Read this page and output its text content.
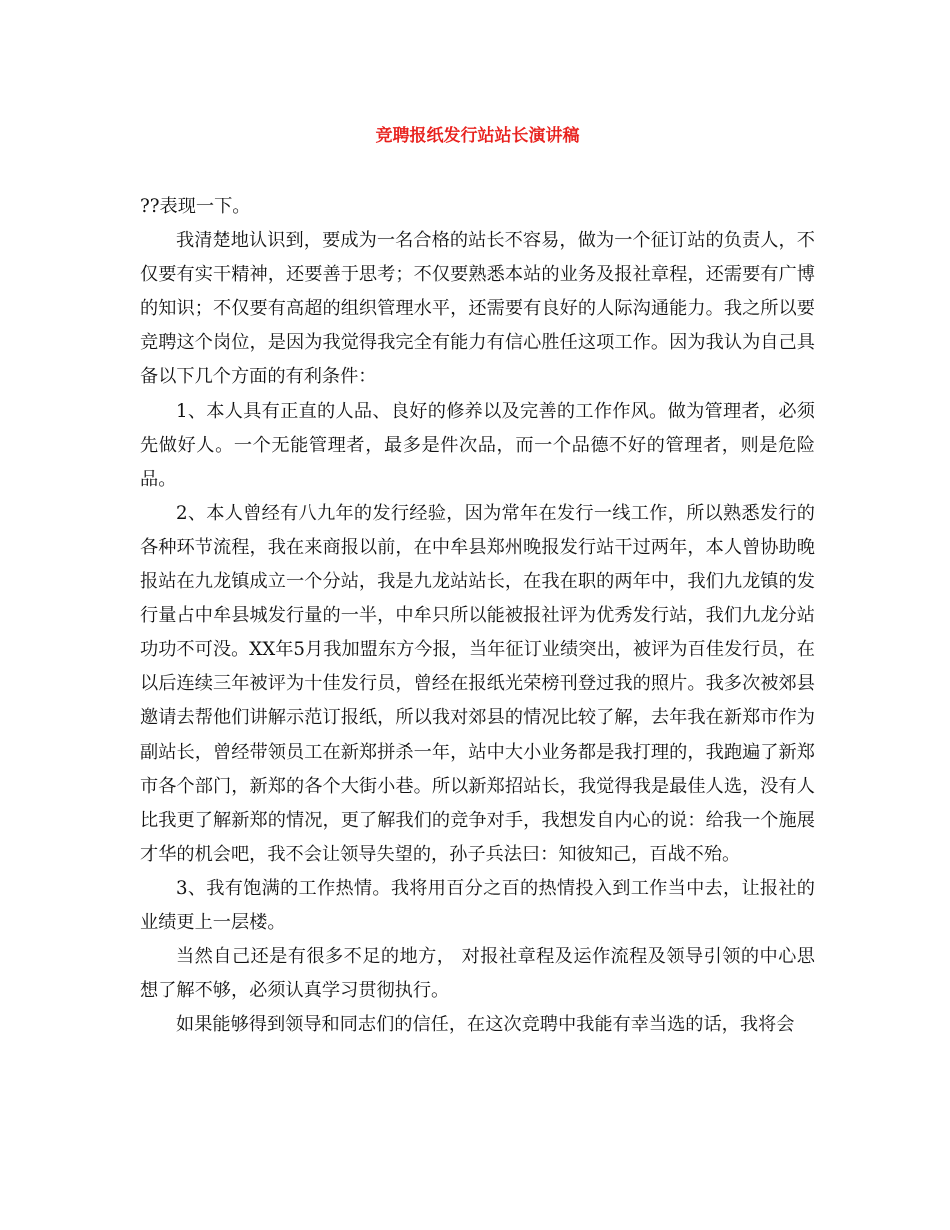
竞聘报纸发行站站长演讲稿

??表现一下。

我清楚地认识到，要成为一名合格的站长不容易，做为一个征订站的负责人，不仅要有实干精神，还要善于思考；不仅要熟悉本站的业务及报社章程，还需要有广博的知识；不仅要有高超的组织管理水平，还需要有良好的人际沟通能力。我之所以要竞聘这个岗位，是因为我觉得我完全有能力有信心胜任这项工作。因为我认为自己具备以下几个方面的有利条件：

1、本人具有正直的人品、良好的修养以及完善的工作作风。做为管理者，必须先做好人。一个无能管理者，最多是件次品，而一个品德不好的管理者，则是危险品。

2、本人曾经有八九年的发行经验，因为常年在发行一线工作，所以熟悉发行的各种环节流程，我在来商报以前，在中牟县郑州晚报发行站干过两年，本人曾协助晚报站在九龙镇成立一个分站，我是九龙站站长，在我在职的两年中，我们九龙镇的发行量占中牟县城发行量的一半，中牟只所以能被报社评为优秀发行站，我们九龙分站功功不可没。XX年5月我加盟东方今报，当年征订业绩突出，被评为百佳发行员，在以后连续三年被评为十佳发行员，曾经在报纸光荣榜刊登过我的照片。我多次被郊县邀请去帮他们讲解示范订报纸，所以我对郊县的情况比较了解，去年我在新郑市作为副站长，曾经带领员工在新郑拼杀一年，站中大小业务都是我打理的，我跑遍了新郑市各个部门，新郑的各个大街小巷。所以新郑招站长，我觉得我是最佳人选，没有人比我更了解新郑的情况，更了解我们的竞争对手，我想发自内心的说：给我一个施展才华的机会吧，我不会让领导失望的，孙子兵法曰：知彼知己，百战不殆。

3、我有饱满的工作热情。我将用百分之百的热情投入到工作当中去，让报社的业绩更上一层楼。

当然自己还是有很多不足的地方， 对报社章程及运作流程及领导引领的中心思想了解不够，必须认真学习贯彻执行。

如果能够得到领导和同志们的信任，在这次竞聘中我能有幸当选的话，我将会
